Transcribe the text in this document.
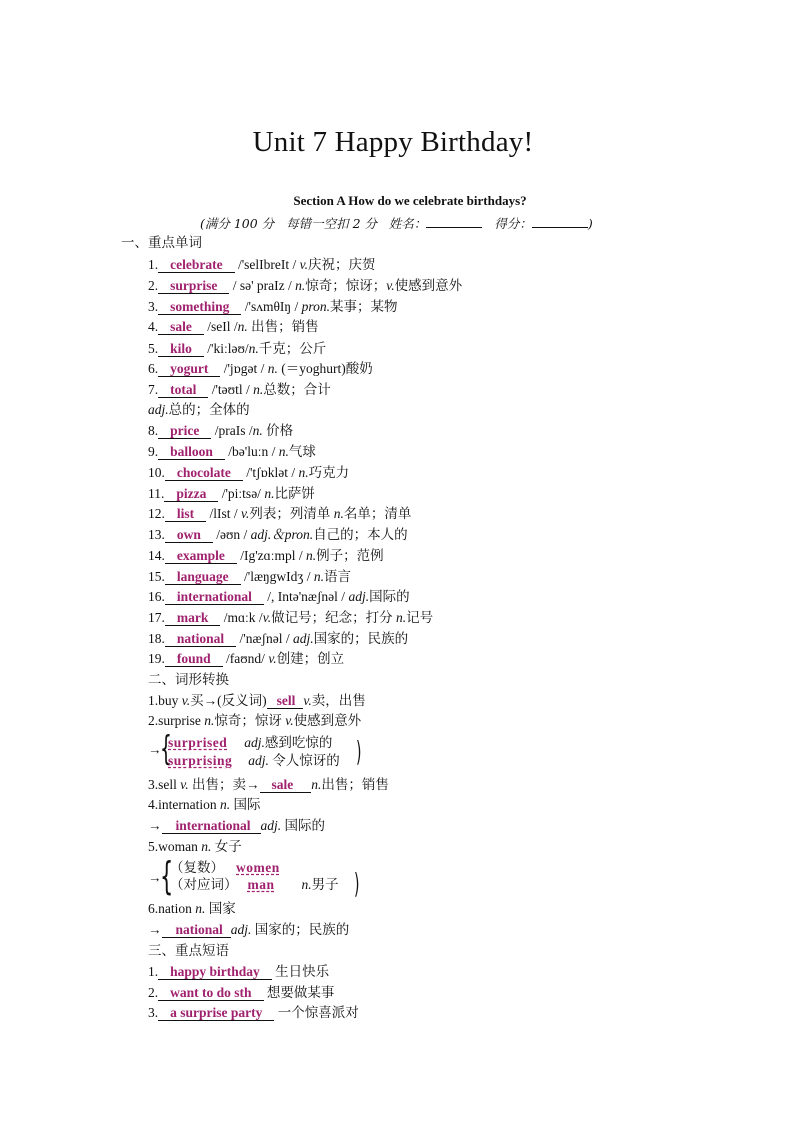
Unit 7 Happy Birthday!
Section A How do we celebrate birthdays?
(满分 100 分   每错一空扣 2 分   姓名：	得分：	)
一、重点单词
1. celebrate /'selIbreIt / v.庆祝；庆贺
2. surprise / sə' praIz / n.惊奇；惊讶；v.使感到意外
3. something /'sʌmθIŋ / pron.某事；某物
4. sale /seIl /n. 出售；销售
5. kilo /'kiːləʊ/n.千克；公斤
6. yogurt /'jɒgət / n. (＝yoghurt)酸奶
7. total /'təʊtl / n.总数；合计
8. price /praIs /n. 价格
9. balloon /bə'luːn / n.气球
10. chocolate /'tʃɒklət / n.巧克力
11. pizza /'piːtsə/ n.比萨饼
12. list /lIst / v.列表；列清单 n.名单；清单
13. own /əʊn / adj.＆pron.自己的；本人的
14. example /Ig'zɑːmpl / n.例子；范例
15. language /'læŋgwIdʒ / n.语言
16. international /, Intə'næʃnəl / adj.国际的
17. mark /mɑːk /v.做记号；纪念；打分 n.记号
18. national /'næʃnəl / adj.国家的；民族的
19. found /faʊnd/ v.创建；创立
adj.总的；全体的
二、词形转换
1.buy v.买→(反义词) sell v.卖，出售
2.surprise n.惊奇；惊讶 v.使感到意外
→
{
surprised adj.感到吃惊的
surprising adj. 令人惊讶的 )
3.sell v. 出售；卖→ sale n.出售；销售
4.internation n. 国际
→ international adj. 国际的
5.woman n. 女子
→
{
（复数） women
（对应词） man n.男子 )
6.nation n. 国家
→ national adj. 国家的；民族的
三、重点短语
1. happy birthday 生日快乐
2. want to do sth 想要做某事
3. a surprise party 一个惊喜派对
